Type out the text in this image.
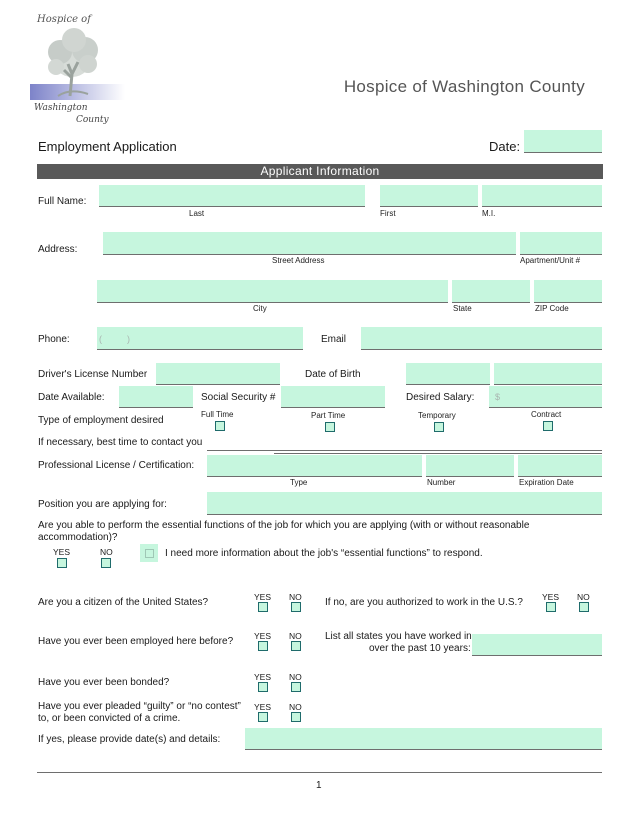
Hospice of
Washington
County
Hospice of Washington County
Employment Application	Date:
Applicant Information
Full Name:
Last	First	M.I.
Address:
Street Address	Apartment/Unit #
City	State	ZIP Code
Phone:	(          )	Email
Driver's License Number	Date of Birth
Date Available:	Social Security #	Desired Salary: $
Type of employment desired
Full Time	Part Time	Temporary	Contract
If necessary, best time to contact you
Professional License / Certification:
Type	Number	Expiration Date
Position you are applying for:
Are you able to perform the essential functions of the job for which you are applying (with or without reasonable accommodation)?
YES	NO	I need more information about the job's “essential functions” to respond.
Are you a citizen of the United States?	YES NO If no, are you authorized to work in the U.S.? YES NO
Have you ever been employed here before? YES NO List all states you have worked in
over the past 10 years:
Have you ever been bonded?	YES NO
Have you ever pleaded “guilty” or “no contest”
to, or been convicted of a crime.
YES NO
If yes, please provide date(s) and details:
1
